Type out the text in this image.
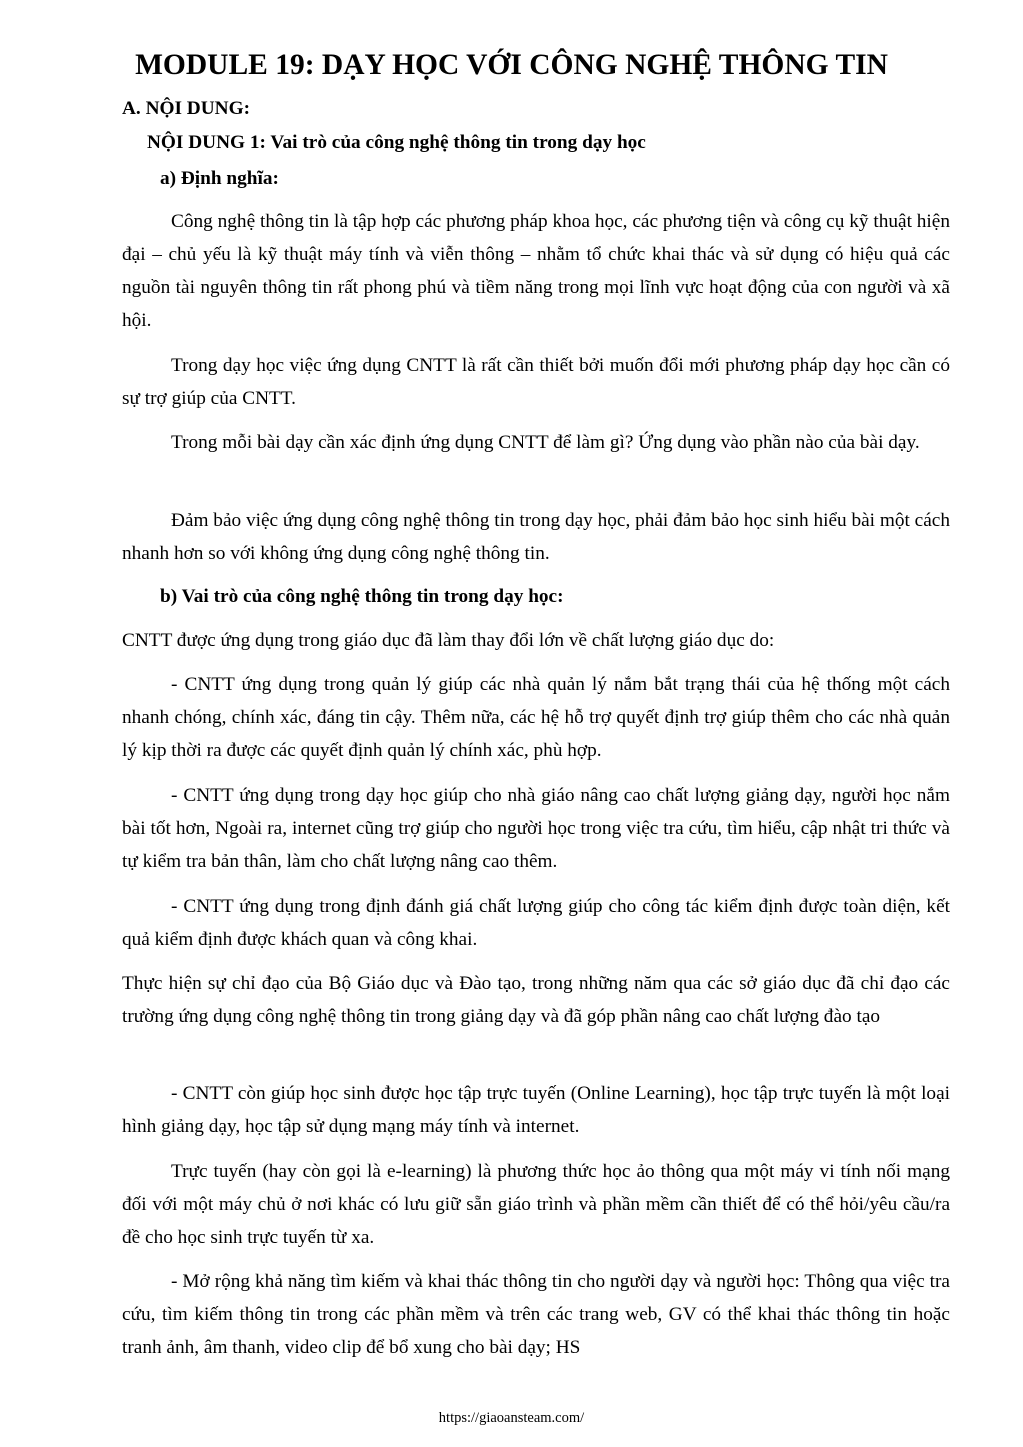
MODULE 19: DẠY HỌC VỚI CÔNG NGHỆ THÔNG TIN
A. NỘI DUNG:
NỘI DUNG 1: Vai trò của công nghệ thông tin trong dạy học
a) Định nghĩa:
Công nghệ thông tin là tập hợp các phương pháp khoa học, các phương tiện và công cụ kỹ thuật hiện đại – chủ yếu là kỹ thuật máy tính và viễn thông – nhằm tổ chức khai thác và sử dụng có hiệu quả các nguồn tài nguyên thông tin rất phong phú và tiềm năng trong mọi lĩnh vực hoạt động của con người và xã hội.
Trong dạy học việc ứng dụng CNTT là rất cần thiết bởi muốn đổi mới phương pháp dạy học cần có sự trợ giúp của CNTT.
Trong mỗi bài dạy cần xác định ứng dụng CNTT để làm gì? Ứng dụng vào phần nào của bài dạy.
Đảm bảo việc ứng dụng công nghệ thông tin trong dạy học, phải đảm bảo học sinh hiểu bài một cách nhanh hơn so với không ứng dụng công nghệ thông tin.
b) Vai trò của công nghệ thông tin trong dạy học:
CNTT được ứng dụng trong giáo dục đã làm thay đổi lớn về chất lượng giáo dục do:
- CNTT ứng dụng trong quản lý giúp các nhà quản lý nắm bắt trạng thái của hệ thống một cách nhanh chóng, chính xác, đáng tin cậy. Thêm nữa, các hệ hỗ trợ quyết định trợ giúp thêm cho các nhà quản lý kịp thời ra được các quyết định quản lý chính xác, phù hợp.
- CNTT ứng dụng trong dạy học giúp cho nhà giáo nâng cao chất lượng giảng dạy, người học nắm bài tốt hơn, Ngoài ra, internet cũng trợ giúp cho người học trong việc tra cứu, tìm hiểu, cập nhật tri thức và tự kiểm tra bản thân, làm cho chất lượng nâng cao thêm.
- CNTT ứng dụng trong định đánh giá chất lượng giúp cho công tác kiểm định được toàn diện, kết quả kiểm định được khách quan và công khai.
Thực hiện sự chỉ đạo của Bộ Giáo dục và Đào tạo, trong những năm qua các sở giáo dục đã chỉ đạo các trường ứng dụng công nghệ thông tin trong giảng dạy và đã góp phần nâng cao chất lượng đào tạo
- CNTT còn giúp học sinh được học tập trực tuyến (Online Learning), học tập trực tuyến là một loại hình giảng dạy, học tập sử dụng mạng máy tính và internet.
Trực tuyến (hay còn gọi là e-learning) là phương thức học ảo thông qua một máy vi tính nối mạng đối với một máy chủ ở nơi khác có lưu giữ sẵn giáo trình và phần mềm cần thiết để có thể hỏi/yêu cầu/ra đề cho học sinh trực tuyến từ xa.
- Mở rộng khả năng tìm kiếm và khai thác thông tin cho người dạy và người học: Thông qua việc tra cứu, tìm kiếm thông tin trong các phần mềm và trên các trang web, GV có thể khai thác thông tin hoặc tranh ảnh, âm thanh, video clip để bổ xung cho bài dạy; HS
https://giaoansteam.com/
